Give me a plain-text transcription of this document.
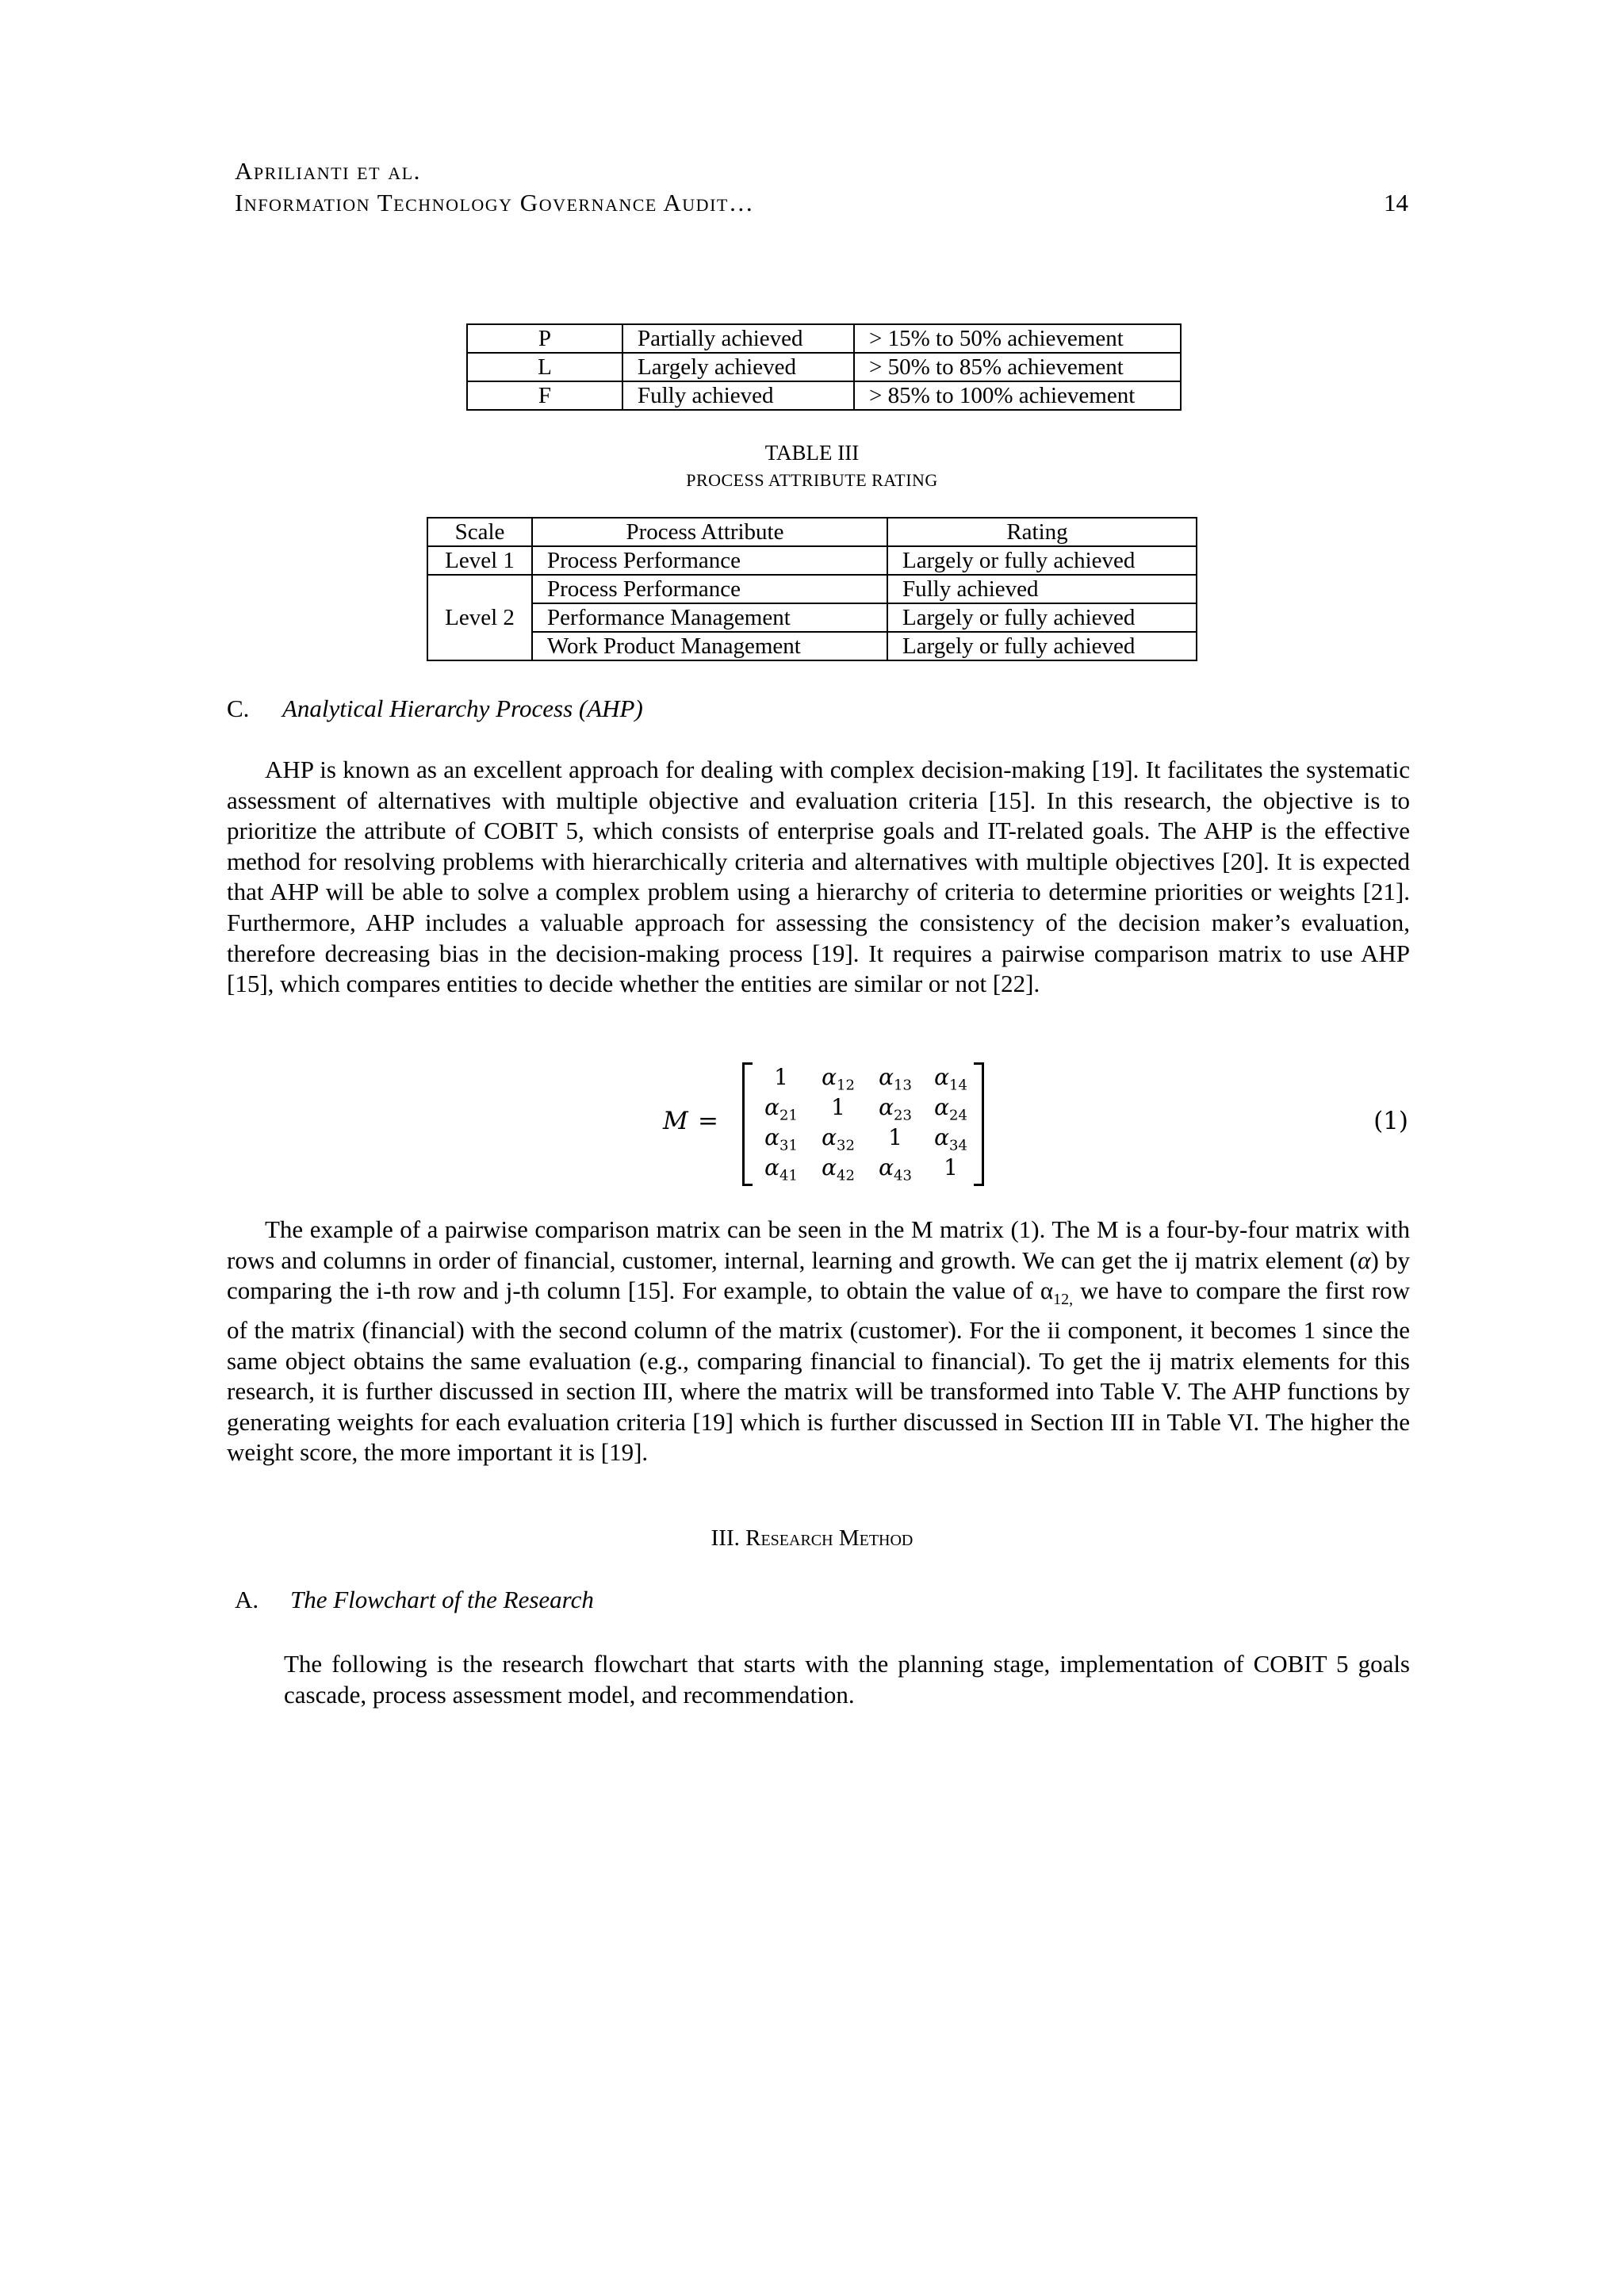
Aprilianti et al.
Information Technology Governance Audit…	14
P	Partially achieved	> 15% to 50% achievement
L	Largely achieved	> 50% to 85% achievement
F	Fully achieved	> 85% to 100% achievement
TABLE III
PROCESS ATTRIBUTE RATING
Scale	Process Attribute	Rating
Level 1	Process Performance	Largely or fully achieved
Level 2	Process Performance	Fully achieved
	Performance Management	Largely or fully achieved
	Work Product Management	Largely or fully achieved
C. Analytical Hierarchy Process (AHP)

AHP is known as an excellent approach for dealing with complex decision-making [19]. It facilitates the systematic assessment of alternatives with multiple objective and evaluation criteria [15]. In this research, the objective is to prioritize the attribute of COBIT 5, which consists of enterprise goals and IT-related goals. The AHP is the effective method for resolving problems with hierarchically criteria and alternatives with multiple objectives [20]. It is expected that AHP will be able to solve a complex problem using a hierarchy of criteria to determine priorities or weights [21]. Furthermore, AHP includes a valuable approach for assessing the consistency of the decision maker’s evaluation, therefore decreasing bias in the decision-making process [19]. It requires a pairwise comparison matrix to use AHP [15], which compares entities to decide whether the entities are similar or not [22].

M =
1	$\alpha_{12}$	$\alpha_{13}$	$\alpha_{14}$
$\alpha_{21}$	1	$\alpha_{23}$	$\alpha_{24}$
$\alpha_{31}$	$\alpha_{32}$	1	$\alpha_{34}$
$\alpha_{41}$	$\alpha_{42}$	$\alpha_{43}$	1
(1)

The example of a pairwise comparison matrix can be seen in the M matrix (1). The M is a four-by-four matrix with rows and columns in order of financial, customer, internal, learning and growth. We can get the ij matrix element (α) by comparing the i-th row and j-th column [15]. For example, to obtain the value of $\alpha_{12,}$ we have to compare the first row of the matrix (financial) with the second column of the matrix (customer). For the ii component, it becomes 1 since the same object obtains the same evaluation (e.g., comparing financial to financial). To get the ij matrix elements for this research, it is further discussed in section III, where the matrix will be transformed into Table V. The AHP functions by generating weights for each evaluation criteria [19] which is further discussed in Section III in Table VI. The higher the weight score, the more important it is [19].

III. Research Method
A. The Flowchart of the Research

The following is the research flowchart that starts with the planning stage, implementation of COBIT 5 goals cascade, process assessment model, and recommendation.
